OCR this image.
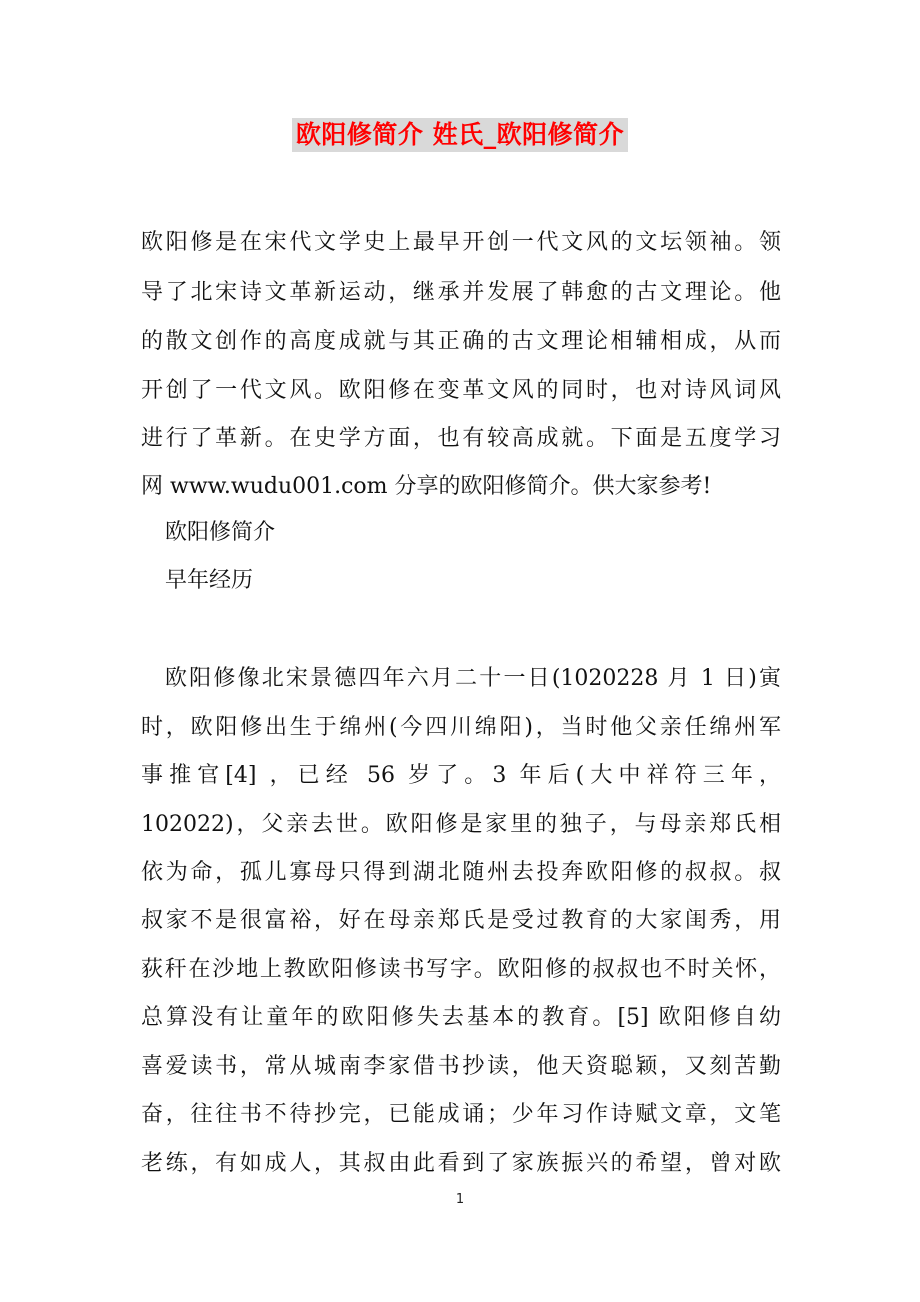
欧阳修简介 姓氏_欧阳修简介
欧阳修是在宋代文学史上最早开创一代文风的文坛领袖。领
导了北宋诗文革新运动，继承并发展了韩愈的古文理论。他
的散文创作的高度成就与其正确的古文理论相辅相成，从而
开创了一代文风。欧阳修在变革文风的同时，也对诗风词风
进行了革新。在史学方面，也有较高成就。下面是五度学习
网 www.wudu001.com 分享的欧阳修简介。供大家参考!
欧阳修简介
早年经历
欧阳修像北宋景德四年六月二十一日(1020228 月 1 日)寅
时，欧阳修出生于绵州(今四川绵阳)，当时他父亲任绵州军
事推官[4] ，已经 56 岁了。3 年后(大中祥符三年，
102022)，父亲去世。欧阳修是家里的独子，与母亲郑氏相
依为命，孤儿寡母只得到湖北随州去投奔欧阳修的叔叔。叔
叔家不是很富裕，好在母亲郑氏是受过教育的大家闺秀，用
荻秆在沙地上教欧阳修读书写字。欧阳修的叔叔也不时关怀，
总算没有让童年的欧阳修失去基本的教育。[5] 欧阳修自幼
喜爱读书，常从城南李家借书抄读，他天资聪颖，又刻苦勤
奋，往往书不待抄完，已能成诵；少年习作诗赋文章，文笔
老练，有如成人，其叔由此看到了家族振兴的希望，曾对欧
1
